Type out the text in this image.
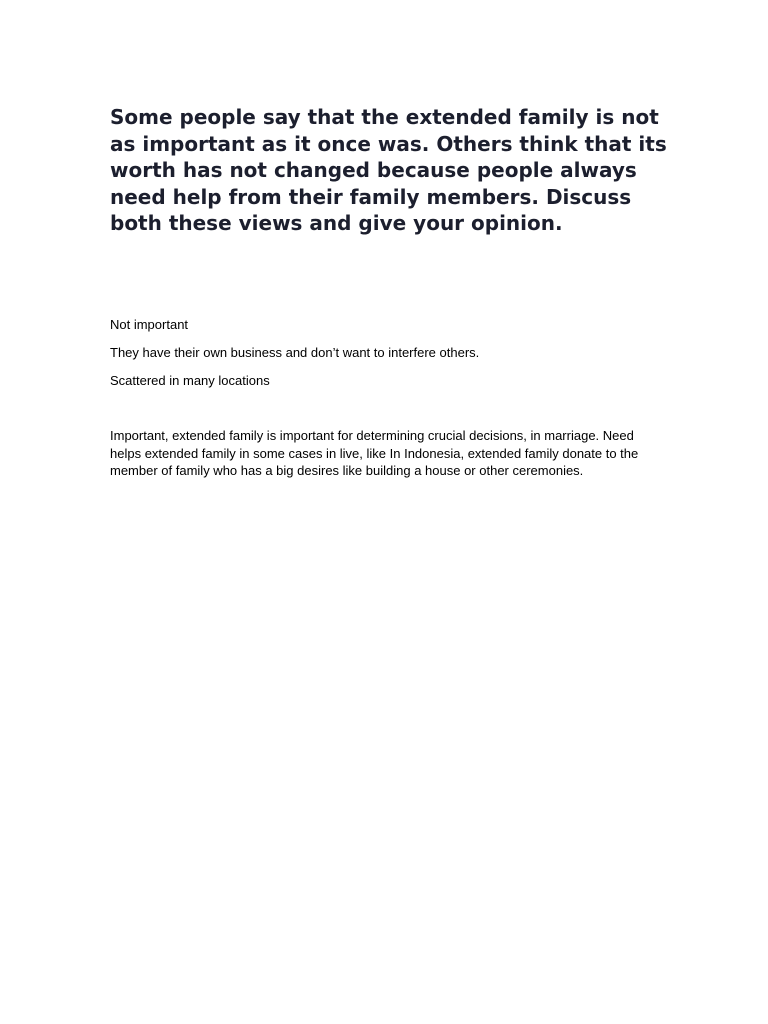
Some people say that the extended family is not as important as it once was. Others think that its worth has not changed because people always need help from their family members. Discuss both these views and give your opinion.

Not important

They have their own business and don’t want to interfere others.

Scattered in many locations

Important, extended family is important for determining crucial decisions, in marriage. Need helps extended family in some cases in live, like In Indonesia, extended family donate to the member of family who has a big desires like building a house or other ceremonies.
